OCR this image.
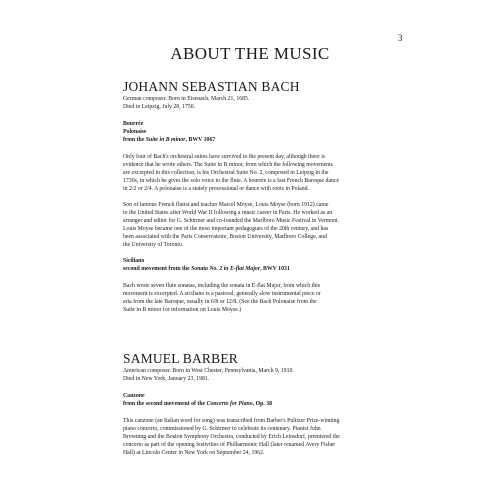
3
ABOUT THE MUSIC
JOHANN SEBASTIAN BACH

German composer. Born in Eisenach, March 21, 1685.
Died in Leipzig, July 28, 1750.

Bourrée
Polonaise
from the Suite in B minor, BWV 1067

Only four of Bach's orchestral suites have survived to the present day, although there is
evidence that he wrote others. The Suite in B minor, from which the following movements
are excerpted in this collection, is his Orchestral Suite No. 2, composed in Leipzig in the
1730s, in which he gives the solo voice to the flute. A bourrée is a fast French Baroque dance
in 2/2 or 2/4. A polonaise is a stately processional or dance with roots in Poland.

Son of famous French flutist and teacher Marcel Moyse, Louis Moyse (born 1912) came
to the United States after World War II following a music career in Paris. He worked as an
arranger and editor for G. Schirmer and co-founded the Marlboro Music Festival in Vermont.
Louis Moyse became one of the most important pedagogues of the 20th century, and has
been associated with the Paris Conservatoire, Boston University, Marlboro College, and
the University of Toronto.

Siciliano
second movement from the Sonata No. 2 in E-flat Major, BWV 1031

Bach wrote seven flute sonatas, including the sonata in E-flat Major, from which this
movement is excerpted. A siciliano is a pastoral, generally slow instrumental piece or
aria from the late Baroque, usually in 6/8 or 12/8. (See the Bach Polonaise from the
Suite in B minor for information on Louis Moyse.)

SAMUEL BARBER

American composer. Born in West Chester, Pennsylvania, March 9, 1910.
Died in New York, January 23, 1981.

Canzone
from the second movement of the Concerto for Piano, Op. 38

This canzone (an Italian word for song) was transcribed from Barber's Pulitzer Prize-winning
piano concerto, commissioned by G. Schirmer to celebrate its centenary. Pianist John
Browning and the Boston Symphony Orchestra, conducted by Erich Leinsdorf, premiered the
concerto as part of the opening festivities of Philharmonic Hall (later renamed Avery Fisher
Hall) at Lincoln Center in New York on September 24, 1962.
